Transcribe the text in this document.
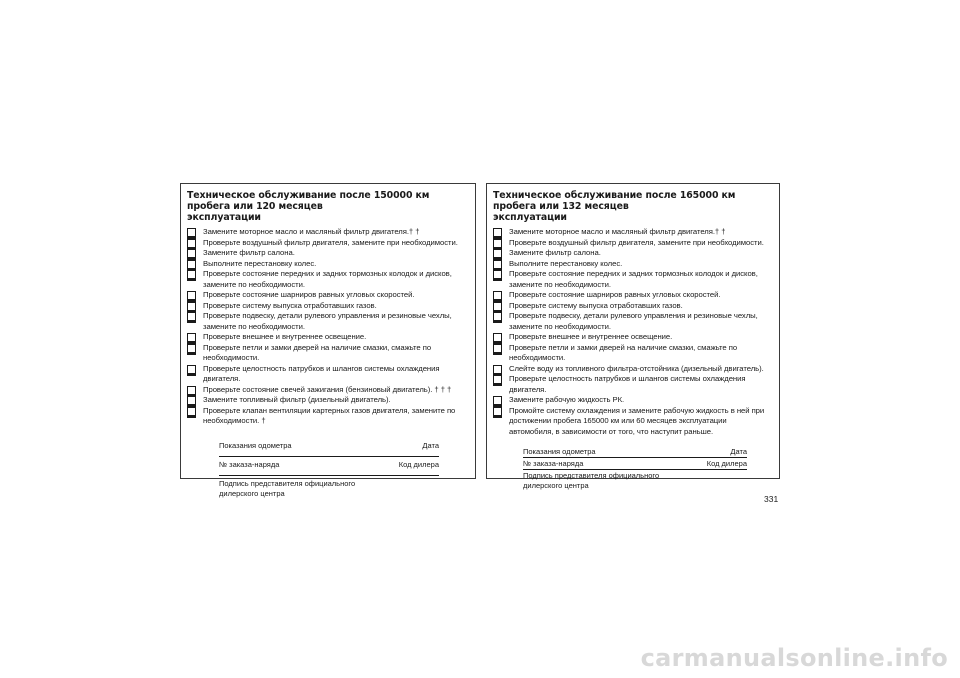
Техническое обслуживание после 150000 км пробега или 120 месяцев
эксплуатации
Замените моторное масло и масляный фильтр двигателя.† †
Проверьте воздушный фильтр двигателя, замените при необходимости.
Замените фильтр салона.
Выполните перестановку колес.
Проверьте состояние передних и задних тормозных колодок и дисков, замените по необходимости.
Проверьте состояние шарниров равных угловых скоростей.
Проверьте систему выпуска отработавших газов.
Проверьте подвеску, детали рулевого управления и резиновые чехлы, замените по необходимости.
Проверьте внешнее и внутреннее освещение.
Проверьте петли и замки дверей на наличие смазки, смажьте по необходимости.
Проверьте целостность патрубков и шлангов системы охлаждения двигателя.
Проверьте состояние свечей зажигания (бензиновый двигатель). † † †
Замените топливный фильтр (дизельный двигатель).
Проверьте клапан вентиляции картерных газов двигателя, замените по необходимости. †
Показания одометра	Дата
№ заказа-наряда	Код дилера
Подпись представителя официального
дилерского центра
Техническое обслуживание после 165000 км пробега или 132 месяцев
эксплуатации
Замените моторное масло и масляный фильтр двигателя.† †
Проверьте воздушный фильтр двигателя, замените при необходимости.
Замените фильтр салона.
Выполните перестановку колес.
Проверьте состояние передних и задних тормозных колодок и дисков, замените по необходимости.
Проверьте состояние шарниров равных угловых скоростей.
Проверьте систему выпуска отработавших газов.
Проверьте подвеску, детали рулевого управления и резиновые чехлы, замените по необходимости.
Проверьте внешнее и внутреннее освещение.
Проверьте петли и замки дверей на наличие смазки, смажьте по необходимости.
Слейте воду из топливного фильтра-отстойника (дизельный двигатель).
Проверьте целостность патрубков и шлангов системы охлаждения двигателя.
Замените рабочую жидкость РК.
Промойте систему охлаждения и замените рабочую жидкость в ней при достижении пробега 165000 км или 60 месяцев эксплуатации автомобиля, в зависимости от того, что наступит раньше.
Показания одометра	Дата
№ заказа-наряда	Код дилера
Подпись представителя официального
дилерского центра
331
carmanualsonline.info
